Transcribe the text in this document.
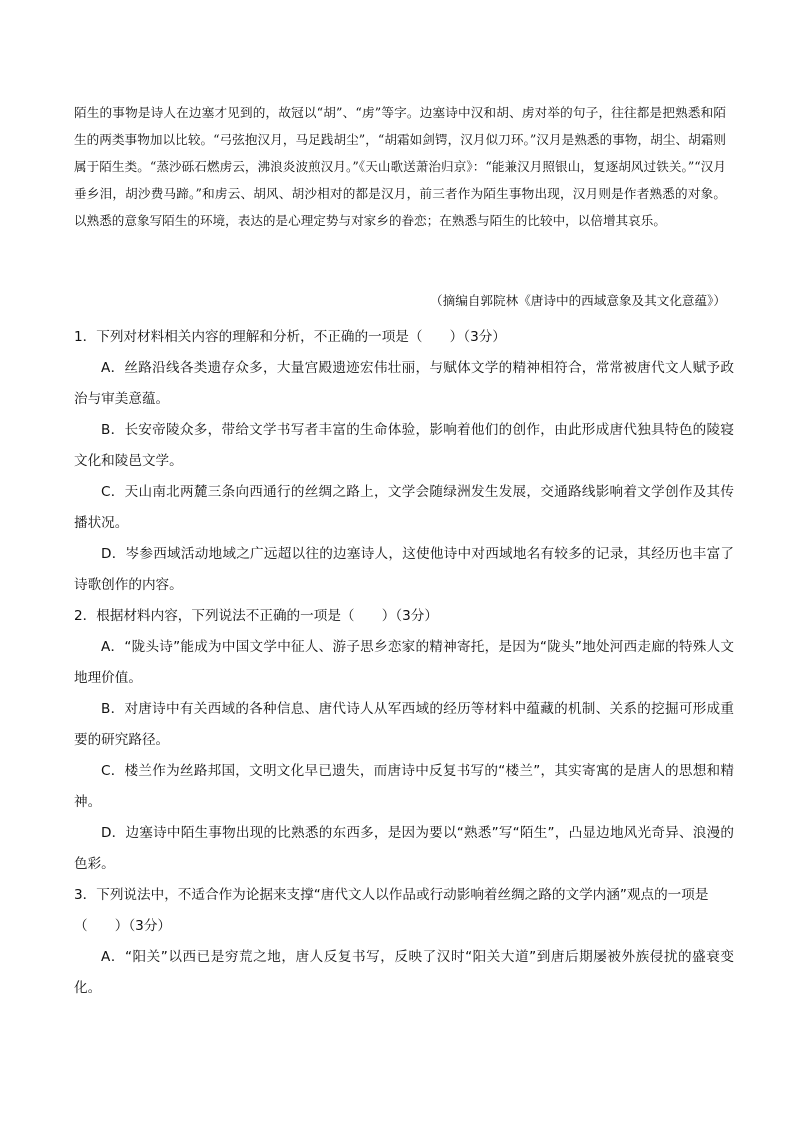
陌生的事物是诗人在边塞才见到的，故冠以“胡”、“虏”等字。边塞诗中汉和胡、虏对举的句子，往往都是把熟悉和陌生的两类事物加以比较。“弓弦抱汉月，马足践胡尘”，“胡霜如剑锷，汉月似刀环。”汉月是熟悉的事物，胡尘、胡霜则属于陌生类。“蒸沙砾石燃虏云，沸浪炎波煎汉月。”《天山歌送萧治归京》：“能兼汉月照银山，复逐胡风过铁关。”“汉月垂乡泪，胡沙费马蹄。”和虏云、胡风、胡沙相对的都是汉月，前三者作为陌生事物出现，汉月则是作者熟悉的对象。以熟悉的意象写陌生的环境，表达的是心理定势与对家乡的眷恋；在熟悉与陌生的比较中，以倍增其哀乐。

（摘编自郭院林《唐诗中的西域意象及其文化意蕴》）

1．下列对材料相关内容的理解和分析，不正确的一项是（　　）（3分）

A．丝路沿线各类遗存众多，大量宫殿遗迹宏伟壮丽，与赋体文学的精神相符合，常常被唐代文人赋予政治与审美意蕴。

B．长安帝陵众多，带给文学书写者丰富的生命体验，影响着他们的创作，由此形成唐代独具特色的陵寝文化和陵邑文学。

C．天山南北两麓三条向西通行的丝绸之路上，文学会随绿洲发生发展，交通路线影响着文学创作及其传播状况。

D．岑参西域活动地域之广远超以往的边塞诗人，这使他诗中对西域地名有较多的记录，其经历也丰富了诗歌创作的内容。

2．根据材料内容，下列说法不正确的一项是（　　）（3分）

A．“陇头诗”能成为中国文学中征人、游子思乡恋家的精神寄托，是因为“陇头”地处河西走廊的特殊人文地理价值。

B．对唐诗中有关西域的各种信息、唐代诗人从军西域的经历等材料中蕴藏的机制、关系的挖掘可形成重要的研究路径。

C．楼兰作为丝路邦国，文明文化早已遗失，而唐诗中反复书写的“楼兰”，其实寄寓的是唐人的思想和精神。

D．边塞诗中陌生事物出现的比熟悉的东西多，是因为要以“熟悉”写“陌生”，凸显边地风光奇异、浪漫的色彩。

3．下列说法中，不适合作为论据来支撑“唐代文人以作品或行动影响着丝绸之路的文学内涵”观点的一项是（　　）（3分）

A．“阳关”以西已是穷荒之地，唐人反复书写，反映了汉时“阳关大道”到唐后期屡被外族侵扰的盛衰变化。
